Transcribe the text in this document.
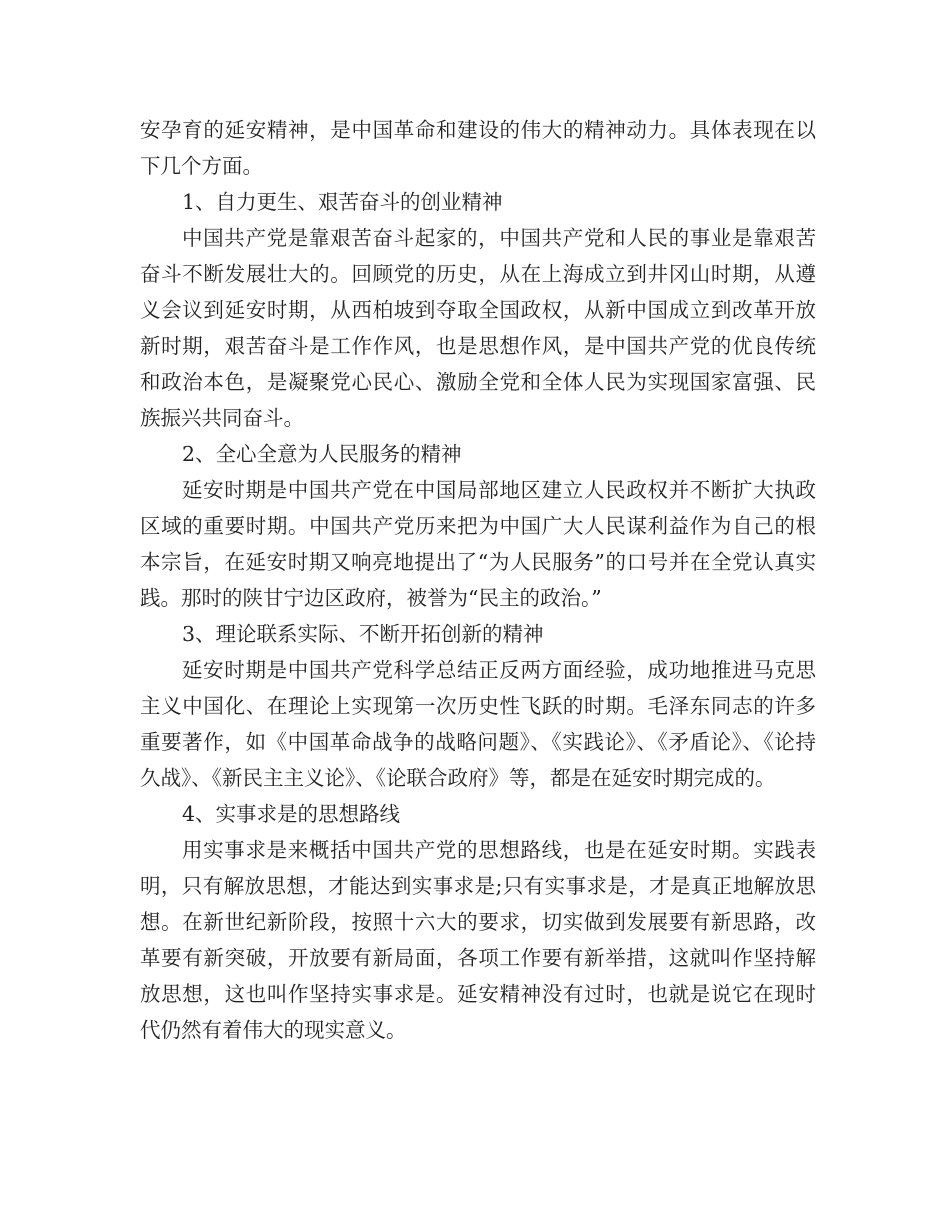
安孕育的延安精神，是中国革命和建设的伟大的精神动力。具体表现在以下几个方面。

1、自力更生、艰苦奋斗的创业精神

中国共产党是靠艰苦奋斗起家的，中国共产党和人民的事业是靠艰苦奋斗不断发展壮大的。回顾党的历史，从在上海成立到井冈山时期，从遵义会议到延安时期，从西柏坡到夺取全国政权，从新中国成立到改革开放新时期，艰苦奋斗是工作作风，也是思想作风，是中国共产党的优良传统和政治本色，是凝聚党心民心、激励全党和全体人民为实现国家富强、民族振兴共同奋斗。

2、全心全意为人民服务的精神

延安时期是中国共产党在中国局部地区建立人民政权并不断扩大执政区域的重要时期。中国共产党历来把为中国广大人民谋利益作为自己的根本宗旨，在延安时期又响亮地提出了“为人民服务”的口号并在全党认真实践。那时的陕甘宁边区政府，被誉为“民主的政治。”

3、理论联系实际、不断开拓创新的精神

延安时期是中国共产党科学总结正反两方面经验，成功地推进马克思主义中国化、在理论上实现第一次历史性飞跃的时期。毛泽东同志的许多重要著作，如《中国革命战争的战略问题》、《实践论》、《矛盾论》、《论持久战》、《新民主主义论》、《论联合政府》等，都是在延安时期完成的。

4、实事求是的思想路线

用实事求是来概括中国共产党的思想路线，也是在延安时期。实践表明，只有解放思想，才能达到实事求是;只有实事求是，才是真正地解放思想。在新世纪新阶段，按照十六大的要求，切实做到发展要有新思路，改革要有新突破，开放要有新局面，各项工作要有新举措，这就叫作坚持解放思想，这也叫作坚持实事求是。延安精神没有过时，也就是说它在现时代仍然有着伟大的现实意义。
